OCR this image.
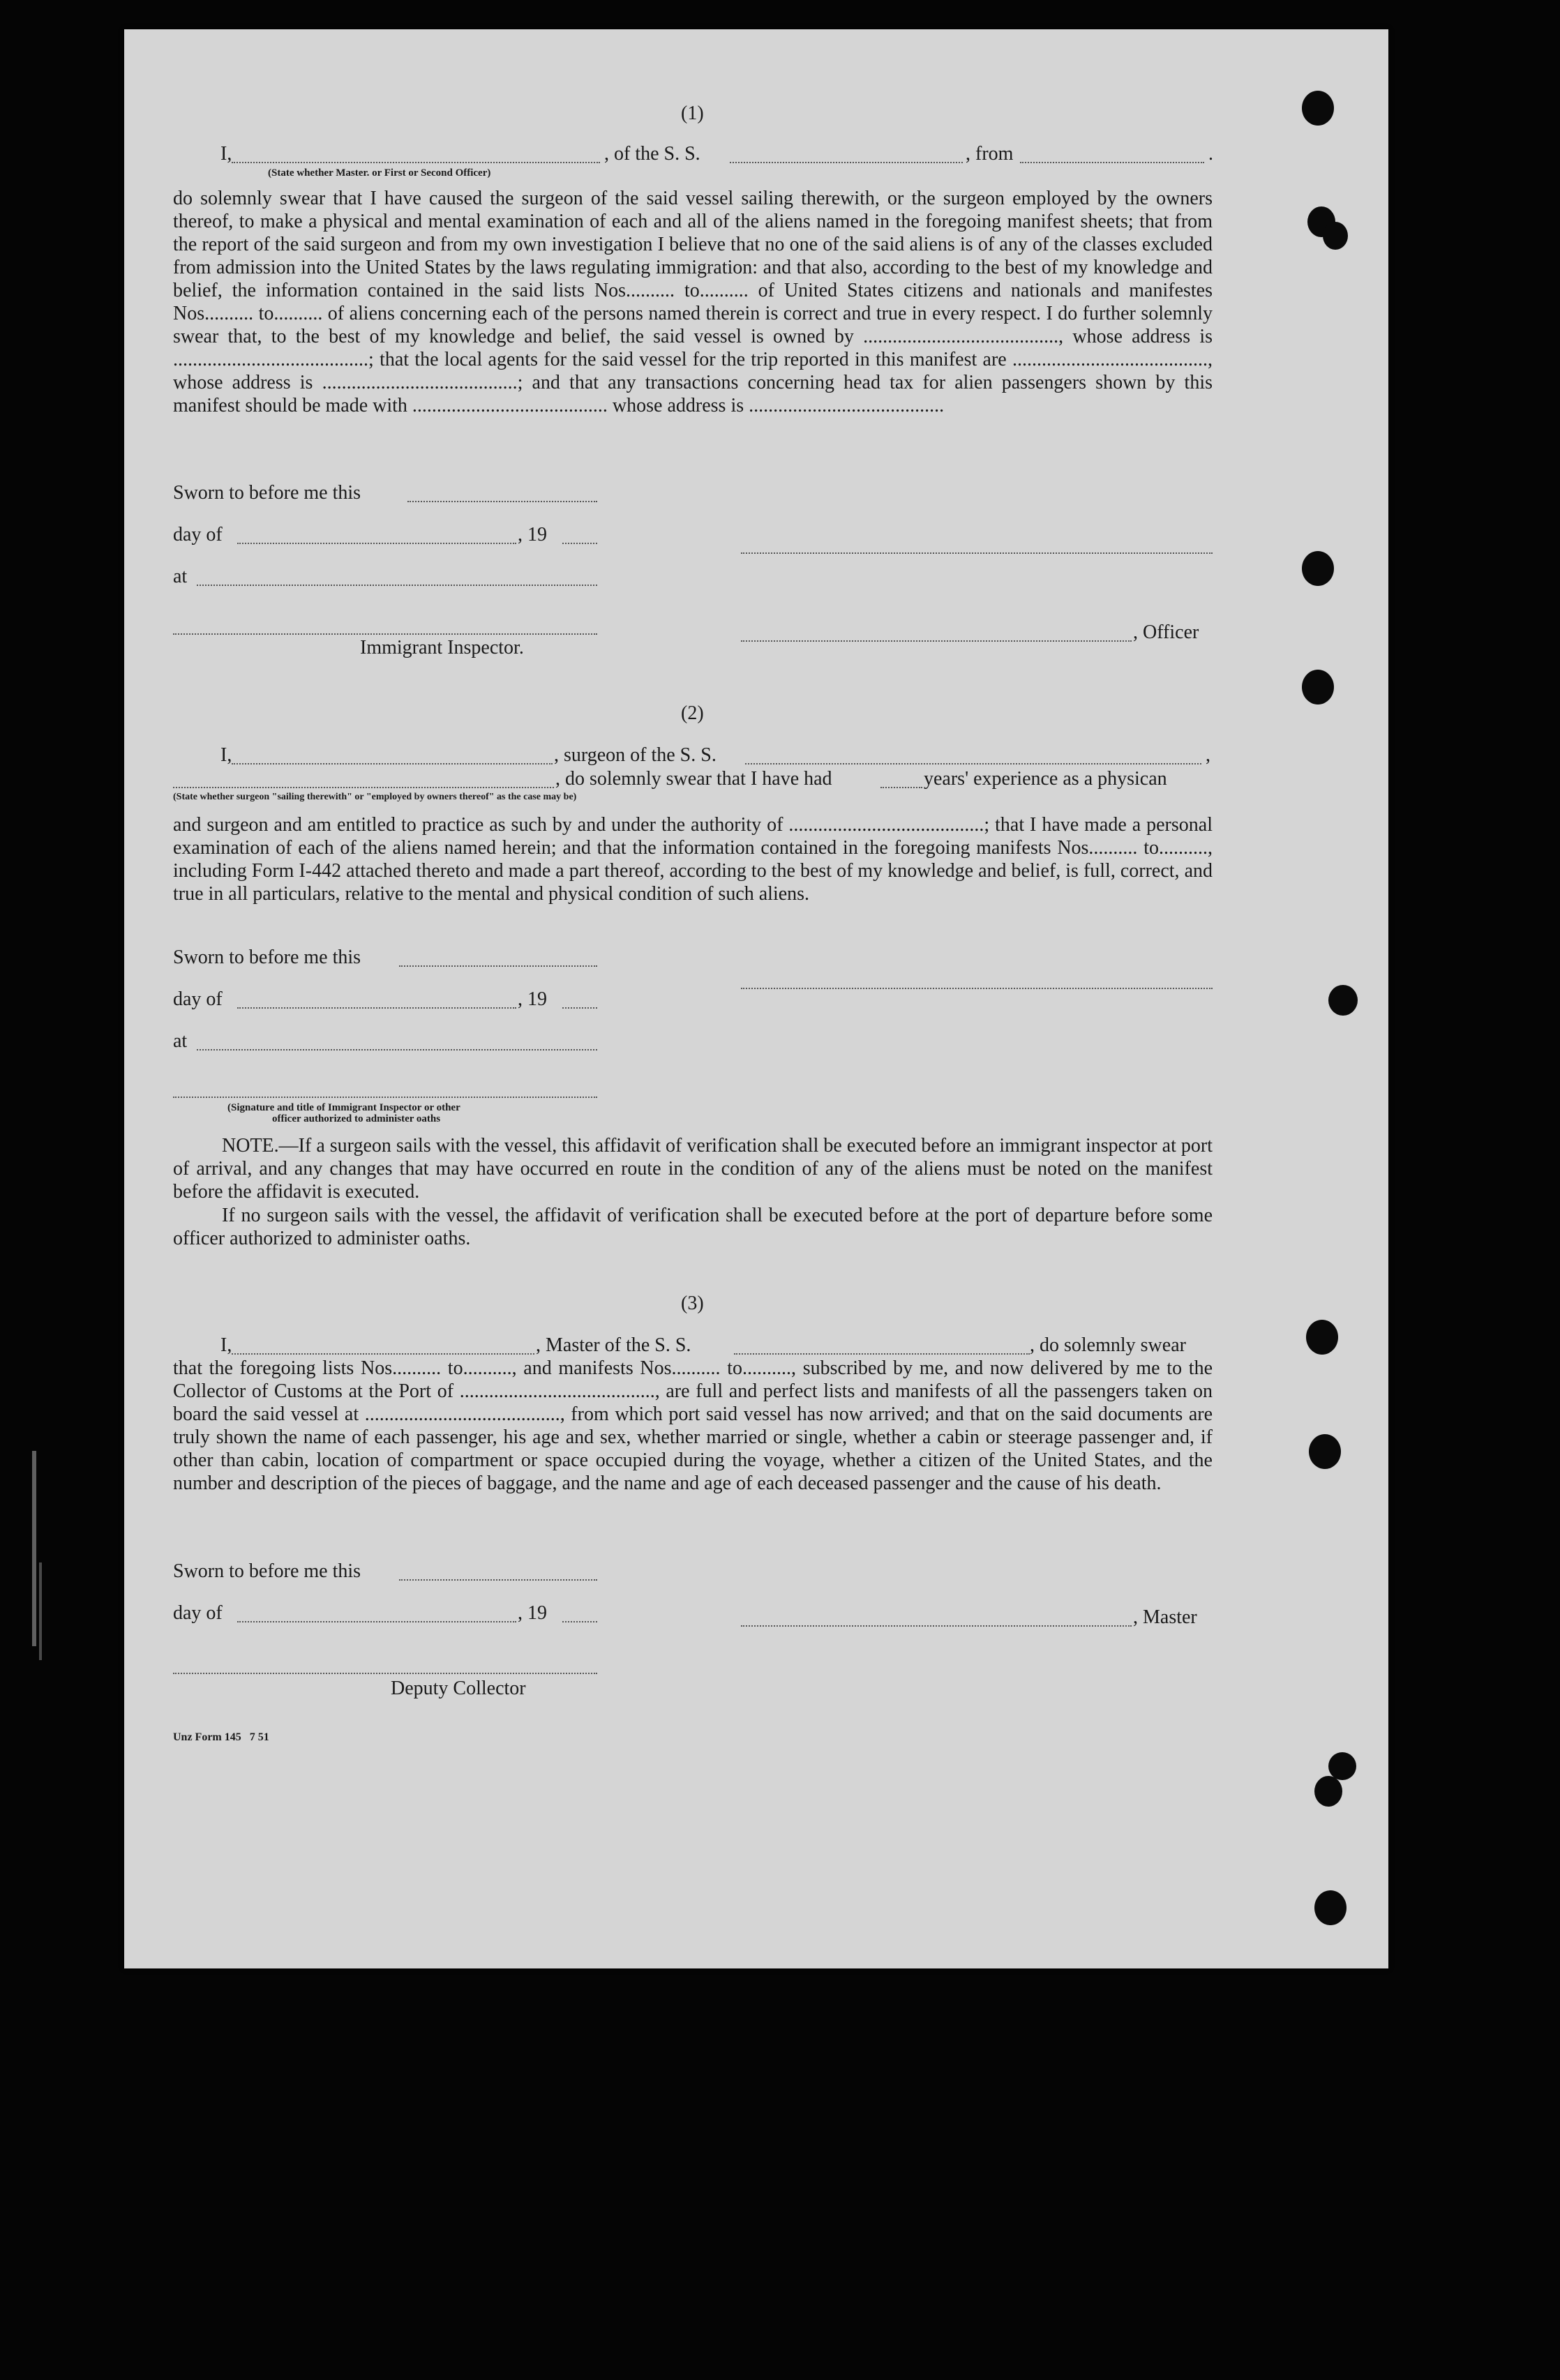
(1)
I,	, of the S. S.	, from	.
(State whether Master. or First or Second Officer)
do solemnly swear that I have caused the surgeon of the said vessel sailing therewith, or the surgeon employed by the owners thereof, to make a physical and mental examination of each and all of the aliens named in the foregoing manifest sheets; that from the report of the said surgeon and from my own investigation I believe that no one of the said aliens is of any of the classes excluded from admission into the United States by the laws regulating immigration: and that also, according to the best of my knowledge and belief, the information contained in the said lists Nos.......... to.......... of United States citizens and nationals and manifestes Nos.......... to.......... of aliens concerning each of the persons named therein is correct and true in every respect. I do further solemnly swear that, to the best of my knowledge and belief, the said vessel is owned by ........................................, whose address is ........................................; that the local agents for the said vessel for the trip reported in this manifest are ........................................, whose address is ........................................; and that any transactions concerning head tax for alien passengers shown by this manifest should be made with ........................................ whose address is ........................................
Sworn to before me this
day of	, 19
at
, Officer
Immigrant Inspector.
(2)
I,	, surgeon of the S. S.	,
, do solemnly swear that I have had	years' experience as a physican
(State whether surgeon "sailing therewith" or "employed by owners thereof" as the case may be)
and surgeon and am entitled to practice as such by and under the authority of ........................................; that I have made a personal examination of each of the aliens named herein; and that the information contained in the foregoing manifests Nos.......... to.........., including Form I-442 attached thereto and made a part thereof, according to the best of my knowledge and belief, is full, correct, and true in all particulars, relative to the mental and physical condition of such aliens.
Sworn to before me this
day of	, 19
at
(Signature and title of Immigrant Inspector or other
officer authorized to administer oaths
NOTE.—If a surgeon sails with the vessel, this affidavit of verification shall be executed before an immigrant inspector at port of arrival, and any changes that may have occurred en route in the condition of any of the aliens must be noted on the manifest before the affidavit is executed.
If no surgeon sails with the vessel, the affidavit of verification shall be executed before at the port of departure before some officer authorized to administer oaths.
(3)
I,	, Master of the S. S.	, do solemnly swear
that the foregoing lists Nos.......... to.........., and manifests Nos.......... to.........., subscribed by me, and now delivered by me to the Collector of Customs at the Port of ........................................, are full and perfect lists and manifests of all the passengers taken on board the said vessel at ........................................, from which port said vessel has now arrived; and that on the said documents are truly shown the name of each passenger, his age and sex, whether married or single, whether a cabin or steerage passenger and, if other than cabin, location of compartment or space occupied during the voyage, whether a citizen of the United States, and the number and description of the pieces of baggage, and the name and age of each deceased passenger and the cause of his death.
Sworn to before me this
day of	, 19	, Master
Deputy Collector
Unz Form 145   7 51
